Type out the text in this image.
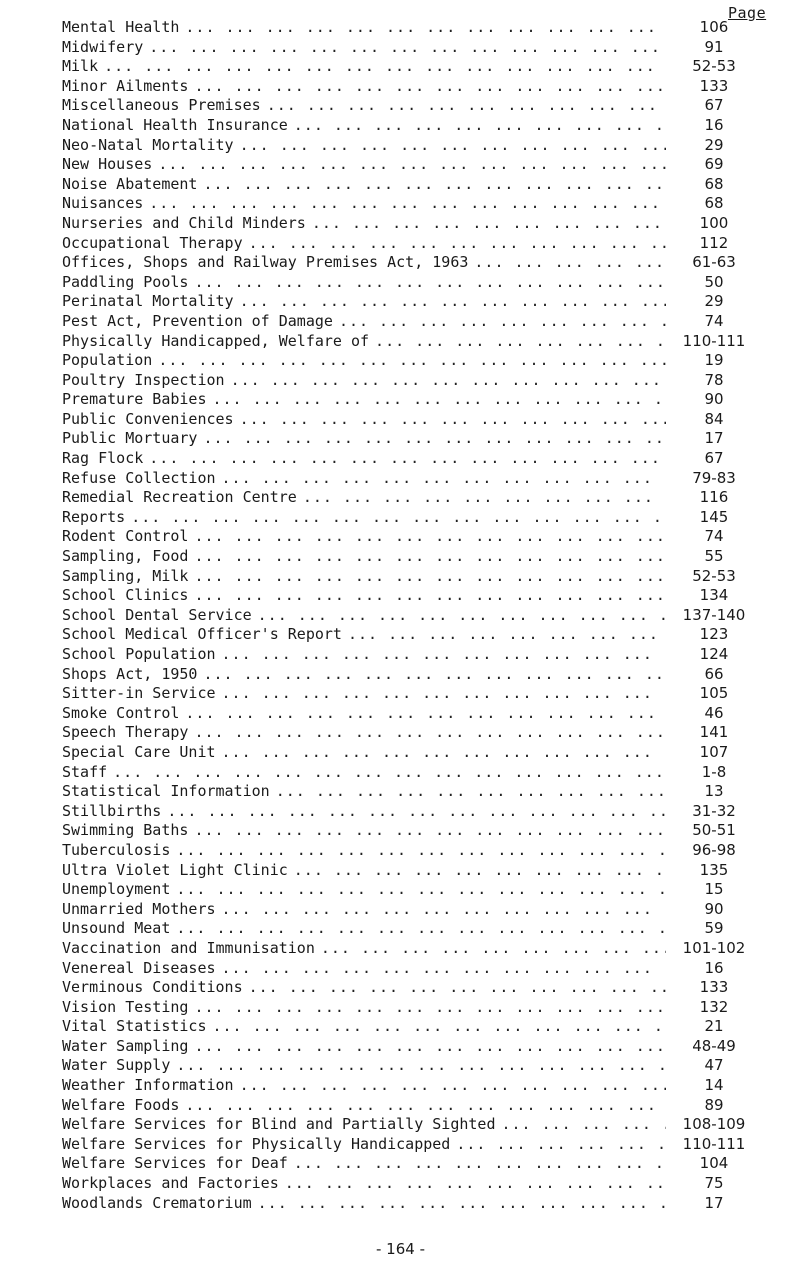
Page
Mental Health ... .	106
Midwifery ... .	91
Milk ... .	52-53
Minor Ailments ... .	133
Miscellaneous Premises ... .	67
National Health Insurance ... .	16
Neo-Natal Mortality ... .	29
New Houses ... .	69
Noise Abatement ... .	68
Nuisances ... .	68
Nurseries and Child Minders ... .	100
Occupational Therapy ... .	112
Offices, Shops and Railway Premises Act, 1963 ... .	61-63
Paddling Pools ... .	50
Perinatal Mortality ... .	29
Pest Act, Prevention of Damage ... .	74
Physically Handicapped, Welfare of ... .	110-111
Population ... .	19
Poultry Inspection ... .	78
Premature Babies ... .	90
Public Conveniences ... .	84
Public Mortuary ... .	17
Rag Flock ... .	67
Refuse Collection ... .	79-83
Remedial Recreation Centre ... .	116
Reports ... .	145
Rodent Control ... .	74
Sampling, Food ... .	55
Sampling, Milk ... .	52-53
School Clinics ... .	134
School Dental Service ... .	137-140
School Medical Officer's Report ... .	123
School Population ... .	124
Shops Act, 1950 ... .	66
Sitter-in Service ... .	105
Smoke Control ... .	46
Speech Therapy ... .	141
Special Care Unit ... .	107
Staff ... .	1-8
Statistical Information ... .	13
Stillbirths ... .	31-32
Swimming Baths ... .	50-51
Tuberculosis ... .	96-98
Ultra Violet Light Clinic ... .	135
Unemployment ... .	15
Unmarried Mothers ... .	90
Unsound Meat ... .	59
Vaccination and Immunisation ... .	101-102
Venereal Diseases ... .	16
Verminous Conditions ... .	133
Vision Testing ... .	132
Vital Statistics ... .	21
Water Sampling ... .	48-49
Water Supply ... .	47
Weather Information ... .	14
Welfare Foods ... .	89
Welfare Services for Blind and Partially Sighted ... .	108-109
Welfare Services for Physically Handicapped ... .	110-111
Welfare Services for Deaf ... .	104
Workplaces and Factories ... .	75
Woodlands Crematorium ... .	17
- 164 -
